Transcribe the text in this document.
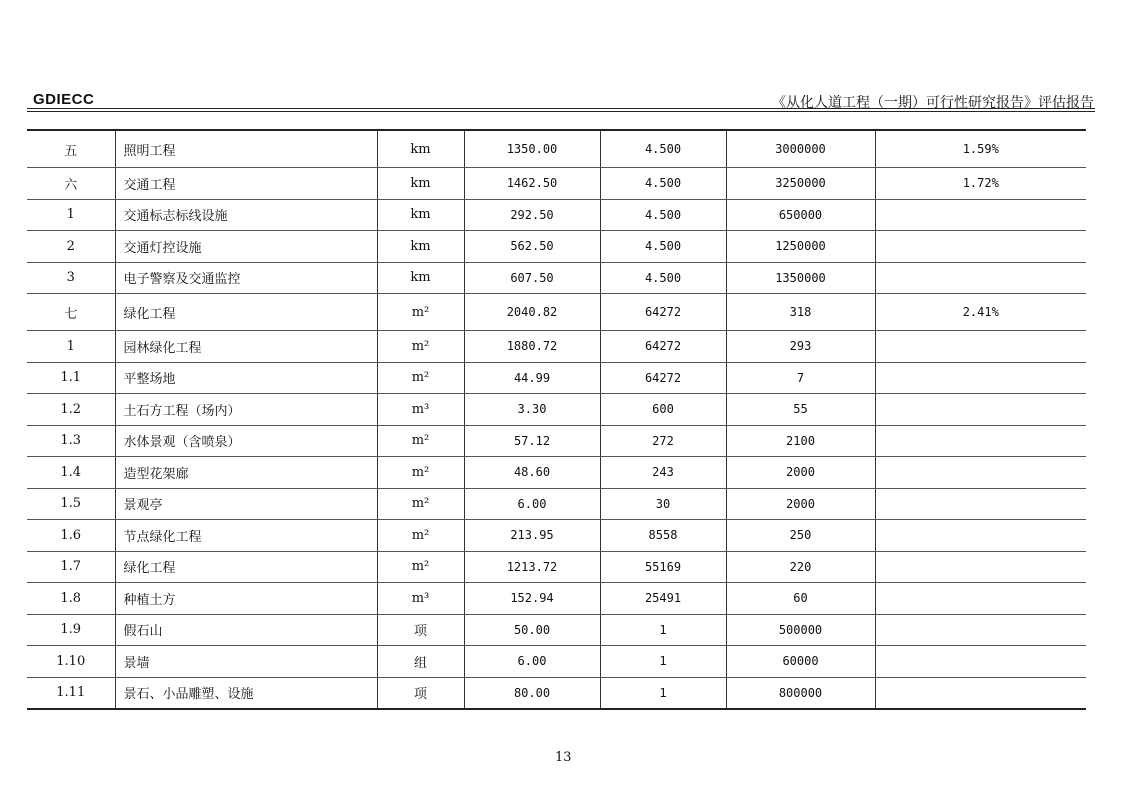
GDIECC	《从化人道工程（一期）可行性研究报告》评估报告
五	照明工程	km	1350.00	4.500	3000000	1.59%
六	交通工程	km	1462.50	4.500	3250000	1.72%
1	交通标志标线设施	km	292.50	4.500	650000	
2	交通灯控设施	km	562.50	4.500	1250000	
3	电子警察及交通监控	km	607.50	4.500	1350000	
七	绿化工程	m²	2040.82	64272	318	2.41%
1	园林绿化工程	m²	1880.72	64272	293	
1.1	平整场地	m²	44.99	64272	7	
1.2	土石方工程（场内）	m³	3.30	600	55	
1.3	水体景观（含喷泉）	m²	57.12	272	2100	
1.4	造型花架廊	m²	48.60	243	2000	
1.5	景观亭	m²	6.00	30	2000	
1.6	节点绿化工程	m²	213.95	8558	250	
1.7	绿化工程	m²	1213.72	55169	220	
1.8	种植土方	m³	152.94	25491	60	
1.9	假石山	项	50.00	1	500000	
1.10	景墙	组	6.00	1	60000	
1.11	景石、小品雕塑、设施	项	80.00	1	800000	
13
